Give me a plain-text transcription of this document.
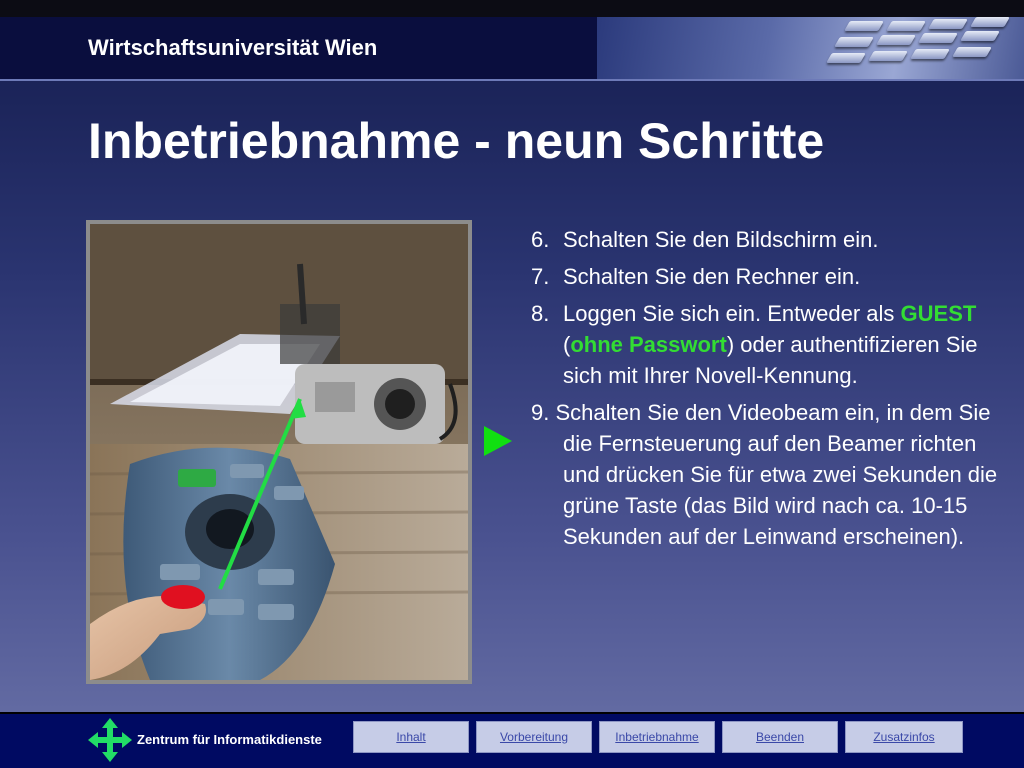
Wirtschaftsuniversität Wien
Inbetriebnahme - neun Schritte
6. Schalten Sie den Bildschirm ein.
7. Schalten Sie den Rechner ein.
8. Loggen Sie sich ein. Entweder als GUEST (ohne Passwort) oder authentifizieren Sie sich mit Ihrer Novell-Kennung.
9. Schalten Sie den Videobeam ein, in dem Sie die Fernsteuerung auf den Beamer richten und drücken Sie für etwa zwei Sekunden die grüne Taste (das Bild wird nach ca. 10-15 Sekunden auf der Leinwand erscheinen).
Zentrum für Informatikdienste	Inhalt	Vorbereitung	Inbetriebnahme	Beenden	Zusatzinfos
